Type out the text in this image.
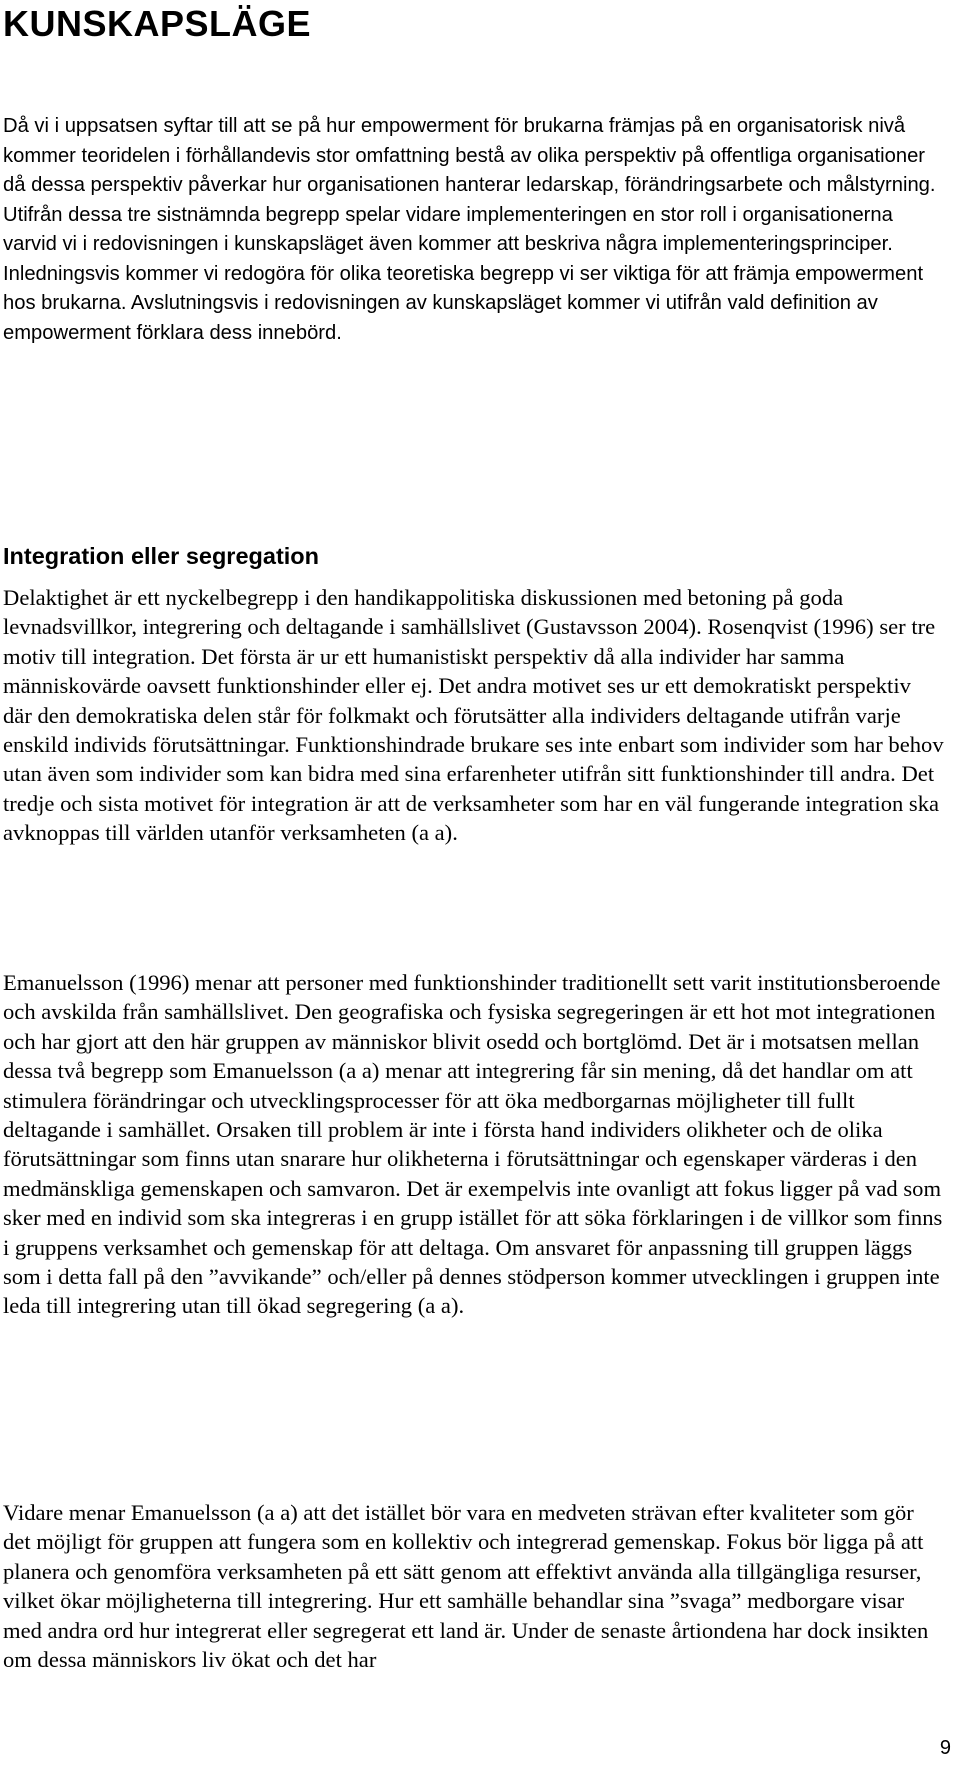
KUNSKAPSLÄGE

Då vi i uppsatsen syftar till att se på hur empowerment för brukarna främjas på en organisatorisk nivå kommer teoridelen i förhållandevis stor omfattning bestå av olika perspektiv på offentliga organisationer då dessa perspektiv påverkar hur organisationen hanterar ledarskap, förändringsarbete och målstyrning. Utifrån dessa tre sistnämnda begrepp spelar vidare implementeringen en stor roll i organisationerna varvid vi i redovisningen i kunskapsläget även kommer att beskriva några implementeringsprinciper. Inledningsvis kommer vi redogöra för olika teoretiska begrepp vi ser viktiga för att främja empowerment hos brukarna. Avslutningsvis i redovisningen av kunskapsläget kommer vi utifrån vald definition av empowerment förklara dess innebörd.

Integration eller segregation

Delaktighet är ett nyckelbegrepp i den handikappolitiska diskussionen med betoning på goda levnadsvillkor, integrering och deltagande i samhällslivet (Gustavsson 2004). Rosenqvist (1996) ser tre motiv till integration. Det första är ur ett humanistiskt perspektiv då alla individer har samma människovärde oavsett funktionshinder eller ej. Det andra motivet ses ur ett demokratiskt perspektiv där den demokratiska delen står för folkmakt och förutsätter alla individers deltagande utifrån varje enskild individs förutsättningar. Funktionshindrade brukare ses inte enbart som individer som har behov utan även som individer som kan bidra med sina erfarenheter utifrån sitt funktionshinder till andra. Det tredje och sista motivet för integration är att de verksamheter som har en väl fungerande integration ska avknoppas till världen utanför verksamheten (a a).

Emanuelsson (1996) menar att personer med funktionshinder traditionellt sett varit institutionsberoende och avskilda från samhällslivet. Den geografiska och fysiska segregeringen är ett hot mot integrationen och har gjort att den här gruppen av människor blivit osedd och bortglömd. Det är i motsatsen mellan dessa två begrepp som Emanuelsson (a a) menar att integrering får sin mening, då det handlar om att stimulera förändringar och utvecklingsprocesser för att öka medborgarnas möjligheter till fullt deltagande i samhället. Orsaken till problem är inte i första hand individers olikheter och de olika förutsättningar som finns utan snarare hur olikheterna i förutsättningar och egenskaper värderas i den medmänskliga gemenskapen och samvaron. Det är exempelvis inte ovanligt att fokus ligger på vad som sker med en individ som ska integreras i en grupp istället för att söka förklaringen i de villkor som finns i gruppens verksamhet och gemenskap för att deltaga. Om ansvaret för anpassning till gruppen läggs som i detta fall på den ”avvikande” och/eller på dennes stödperson kommer utvecklingen i gruppen inte leda till integrering utan till ökad segregering (a a).

Vidare menar Emanuelsson (a a) att det istället bör vara en medveten strävan efter kvaliteter som gör det möjligt för gruppen att fungera som en kollektiv och integrerad gemenskap. Fokus bör ligga på att planera och genomföra verksamheten på ett sätt genom att effektivt använda alla tillgängliga resurser, vilket ökar möjligheterna till integrering. Hur ett samhälle behandlar sina ”svaga” medborgare visar med andra ord hur integrerat eller segregerat ett land är. Under de senaste årtiondena har dock insikten om dessa människors liv ökat och det har

9
